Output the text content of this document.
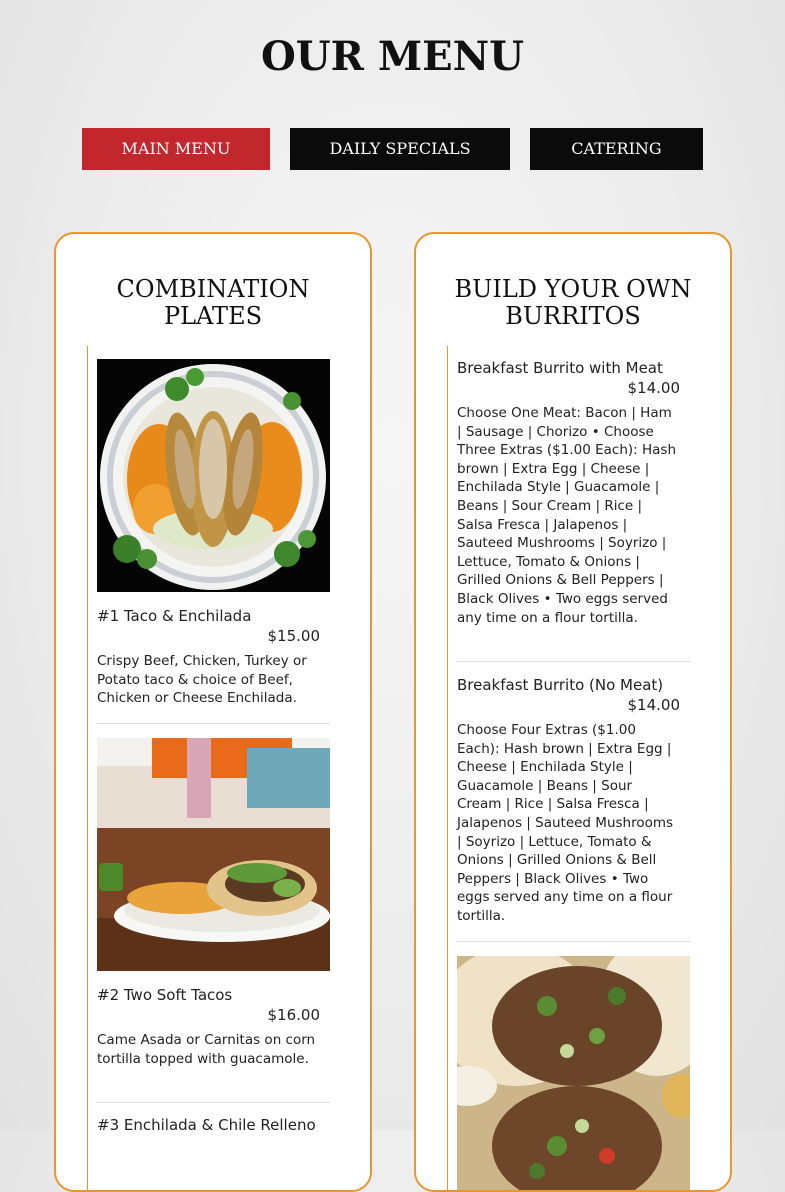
OUR MENU
MAIN MENU	DAILY SPECIALS	CATERING
COMBINATION
PLATES
#1 Taco & Enchilada
$15.00
Crispy Beef, Chicken, Turkey or Potato taco & choice of Beef, Chicken or Cheese Enchilada.
#2 Two Soft Tacos
$16.00
Came Asada or Carnitas on corn tortilla topped with guacamole.
#3 Enchilada & Chile Relleno
BUILD YOUR OWN
BURRITOS
Breakfast Burrito with Meat
$14.00
Choose One Meat: Bacon | Ham | Sausage | Chorizo • Choose Three Extras ($1.00 Each): Hash brown | Extra Egg | Cheese | Enchilada Style | Guacamole | Beans | Sour Cream | Rice | Salsa Fresca | Jalapenos | Sauteed Mushrooms | Soyrizo | Lettuce, Tomato & Onions | Grilled Onions & Bell Peppers | Black Olives • Two eggs served any time on a flour tortilla.
Breakfast Burrito (No Meat)
$14.00
Choose Four Extras ($1.00 Each): Hash brown | Extra Egg | Cheese | Enchilada Style | Guacamole | Beans | Sour Cream | Rice | Salsa Fresca | Jalapenos | Sauteed Mushrooms | Soyrizo | Lettuce, Tomato & Onions | Grilled Onions & Bell Peppers | Black Olives • Two eggs served any time on a flour tortilla.
